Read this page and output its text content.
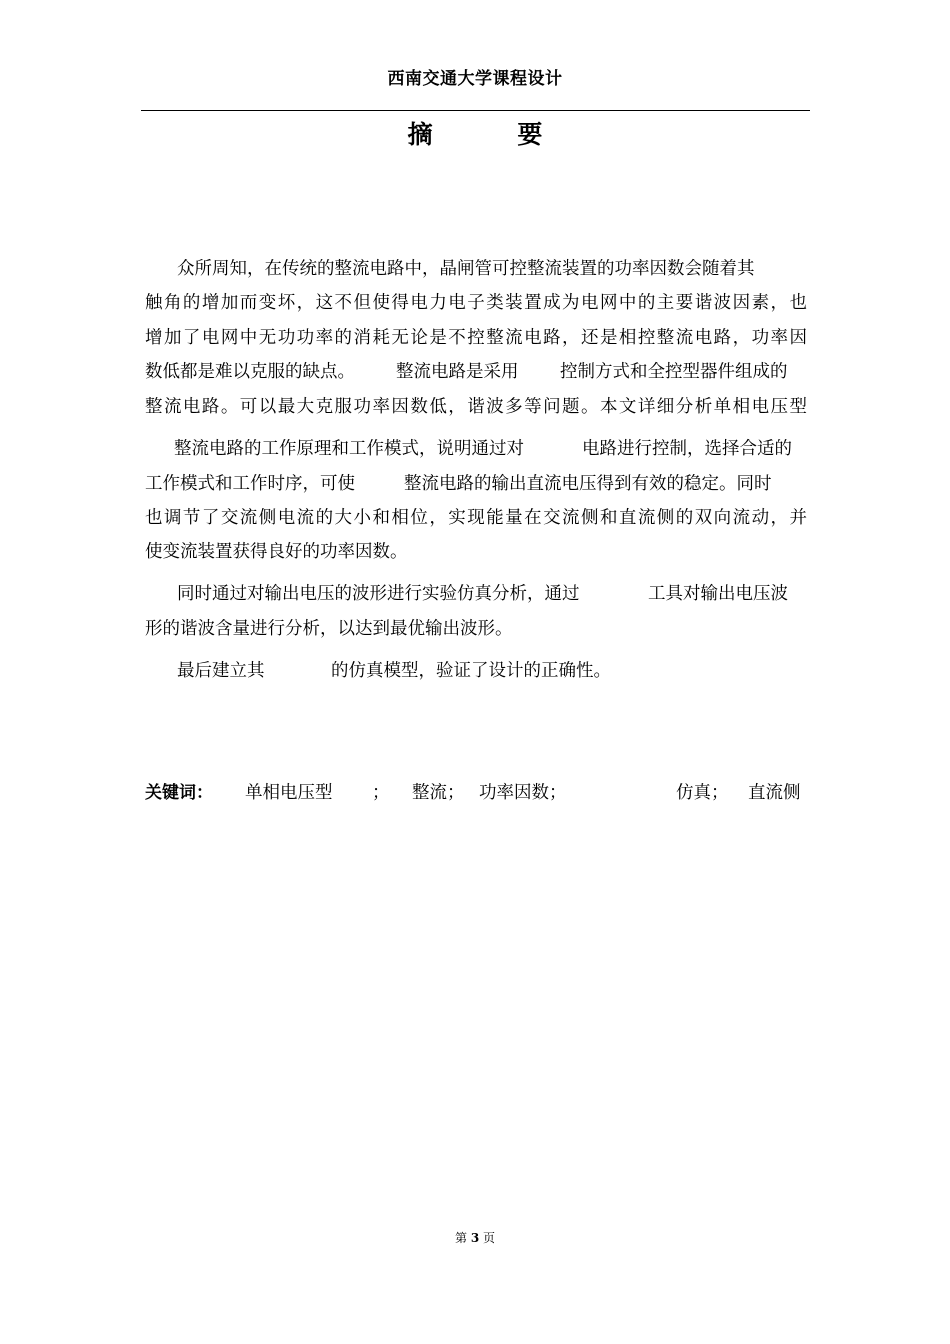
西南交通大学课程设计
摘 要
众所周知，在传统的整流电路中，晶闸管可控整流装置的功率因数会随着其
触角的增加而变坏，这不但使得电力电子类装置成为电网中的主要谐波因素，也
增加了电网中无功功率的消耗无论是不控整流电路，还是相控整流电路，功率因
数低都是难以克服的缺点。 整流电路是采用 控制方式和全控型器件组成的
整流电路。可以最大克服功率因数低，谐波多等问题。本文详细分析单相电压型
整流电路的工作原理和工作模式，说明通过对	电路进行控制，选择合适的
工作模式和工作时序，可使	整流电路的输出直流电压得到有效的稳定。同时
也调节了交流侧电流的大小和相位，实现能量在交流侧和直流侧的双向流动，并
使变流装置获得良好的功率因数。
同时通过对输出电压的波形进行实验仿真分析，通过	工具对输出电压波
形的谐波含量进行分析，以达到最优输出波形。
最后建立其	的仿真模型，验证了设计的正确性。
关键词： 单相电压型 ； 整流； 功率因数；	仿真； 直流侧
第 3 页
